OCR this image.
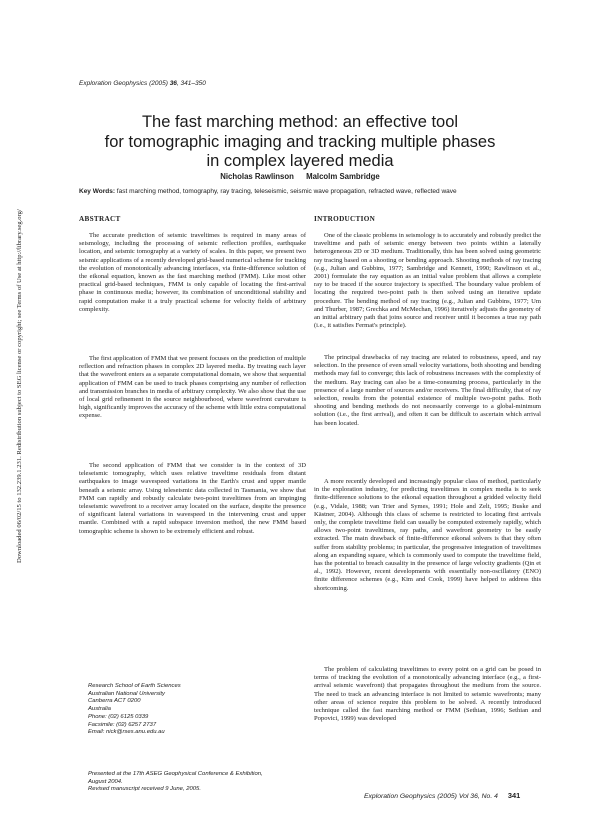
Exploration Geophysics (2005) 36, 341–350
The fast marching method: an effective tool
for tomographic imaging and tracking multiple phases
in complex layered media
Nicholas Rawlinson Malcolm Sambridge
Key Words: fast marching method, tomography, ray tracing, teleseismic, seismic wave propagation, refracted wave, reflected wave
Downloaded 06/02/15 to 132.239.1.231. Redistribution subject to SEG license or copyright; see Terms of Use at http://library.seg.org/	ABSTRACT

The accurate prediction of seismic traveltimes is required in many areas of seismology, including the processing of seismic reflection profiles, earthquake location, and seismic tomography at a variety of scales. In this paper, we present two seismic applications of a recently developed grid-based numerical scheme for tracking the evolution of monotonically advancing interfaces, via finite-difference solution of the eikonal equation, known as the fast marching method (FMM). Like most other practical grid-based techniques, FMM is only capable of locating the first-arrival phase in continuous media; however, its combination of unconditional stability and rapid computation make it a truly practical scheme for velocity fields of arbitrary complexity.

The first application of FMM that we present focuses on the prediction of multiple reflection and refraction phases in complex 2D layered media. By treating each layer that the wavefront enters as a separate computational domain, we show that sequential application of FMM can be used to track phases comprising any number of reflection and transmission branches in media of arbitrary complexity. We also show that the use of local grid refinement in the source neighbourhood, where wavefront curvature is high, significantly improves the accuracy of the scheme with little extra computational expense.

The second application of FMM that we consider is in the context of 3D teleseismic tomography, which uses relative traveltime residuals from distant earthquakes to image wavespeed variations in the Earth's crust and upper mantle beneath a seismic array. Using teleseismic data collected in Tasmania, we show that FMM can rapidly and robustly calculate two-point traveltimes from an impinging teleseismic wavefront to a receiver array located on the surface, despite the presence of significant lateral variations in wavespeed in the intervening crust and upper mantle. Combined with a rapid subspace inversion method, the new FMM based tomographic scheme is shown to be extremely efficient and robust.

Research School of Earth Sciences
Australian National University
Canberra ACT 0200
Australia
Phone: (02) 6125 0339
Facsimile: (02) 6257 2737
Email: nick@rses.anu.edu.au
Presented at the 17th ASEG Geophysical Conference & Exhibition,
August 2004.
Revised manuscript received 9 June, 2005.
INTRODUCTION

One of the classic problems in seismology is to accurately and robustly predict the traveltime and path of seismic energy between two points within a laterally heterogeneous 2D or 3D medium. Traditionally, this has been solved using geometric ray tracing based on a shooting or bending approach. Shooting methods of ray tracing (e.g., Julian and Gubbins, 1977; Sambridge and Kennett, 1990; Rawlinson et al., 2001) formulate the ray equation as an initial value problem that allows a complete ray to be traced if the source trajectory is specified. The boundary value problem of locating the required two-point path is then solved using an iterative update procedure. The bending method of ray tracing (e.g., Julian and Gubbins, 1977; Um and Thurber, 1987; Grechka and McMechan, 1996) iteratively adjusts the geometry of an initial arbitrary path that joins source and receiver until it becomes a true ray path (i.e., it satisfies Fermat's principle).

The principal drawbacks of ray tracing are related to robustness, speed, and ray selection. In the presence of even small velocity variations, both shooting and bending methods may fail to converge; this lack of robustness increases with the complexity of the medium. Ray tracing can also be a time-consuming process, particularly in the presence of a large number of sources and/or receivers. The final difficulty, that of ray selection, results from the potential existence of multiple two-point paths. Both shooting and bending methods do not necessarily converge to a global-minimum solution (i.e., the first arrival), and often it can be difficult to ascertain which arrival has been located.

A more recently developed and increasingly popular class of method, particularly in the exploration industry, for predicting traveltimes in complex media is to seek finite-difference solutions to the eikonal equation throughout a gridded velocity field (e.g., Vidale, 1988; van Trier and Symes, 1991; Hole and Zelt, 1995; Buske and Kästner, 2004). Although this class of scheme is restricted to locating first arrivals only, the complete traveltime field can usually be computed extremely rapidly, which allows two-point traveltimes, ray paths, and wavefront geometry to be easily extracted. The main drawback of finite-difference eikonal solvers is that they often suffer from stability problems; in particular, the progressive integration of traveltimes along an expanding square, which is commonly used to compute the traveltime field, has the potential to breach causality in the presence of large velocity gradients (Qin et al., 1992). However, recent developments with essentially non-oscillatory (ENO) finite difference schemes (e.g., Kim and Cook, 1999) have helped to address this shortcoming.

The problem of calculating traveltimes to every point on a grid can be posed in terms of tracking the evolution of a monotonically advancing interface (e.g., a first-arrival seismic wavefront) that propagates throughout the medium from the source. The need to track an advancing interface is not limited to seismic wavefronts; many other areas of science require this problem to be solved. A recently introduced technique called the fast marching method or FMM (Sethian, 1996; Sethian and Popovici, 1999) was developed

Exploration Geophysics (2005) Vol 36, No. 4 341
